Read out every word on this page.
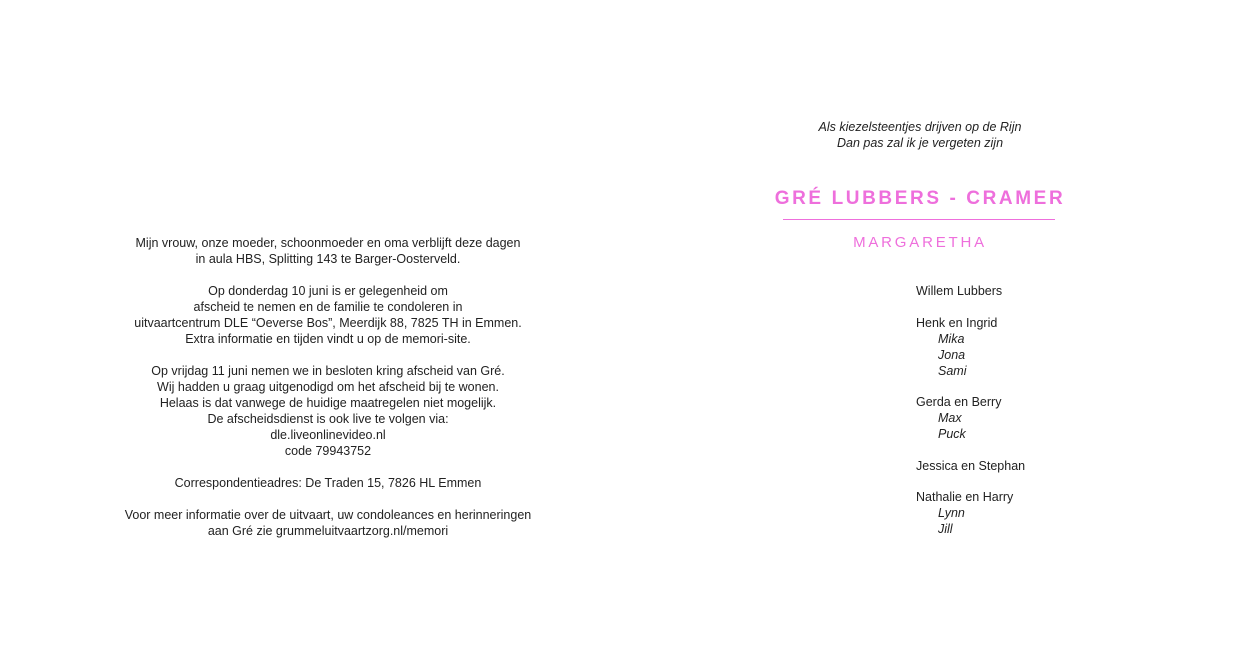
Mijn vrouw, onze moeder, schoonmoeder en oma verblijft deze dagen
in aula HBS, Splitting 143 te Barger-Oosterveld.
Op donderdag 10 juni is er gelegenheid om
afscheid te nemen en de familie te condoleren in
uitvaartcentrum DLE “Oeverse Bos”, Meerdijk 88, 7825 TH in Emmen.
Extra informatie en tijden vindt u op de memori-site.
Op vrijdag 11 juni nemen we in besloten kring afscheid van Gré.
Wij hadden u graag uitgenodigd om het afscheid bij te wonen.
Helaas is dat vanwege de huidige maatregelen niet mogelijk.
De afscheidsdienst is ook live te volgen via:
dle.liveonlinevideo.nl
code 79943752
Correspondentieadres: De Traden 15, 7826 HL Emmen
Voor meer informatie over de uitvaart, uw condoleances en herinneringen
aan Gré zie grummeluitvaartzorg.nl/memori
Als kiezelsteentjes drijven op de Rijn
Dan pas zal ik je vergeten zijn
GRÉ LUBBERS - CRAMER
MARGARETHA
Willem Lubbers
Henk en Ingrid
Mika
Jona
Sami
Gerda en Berry
Max
Puck
Jessica en Stephan
Nathalie en Harry
Lynn
Jill
